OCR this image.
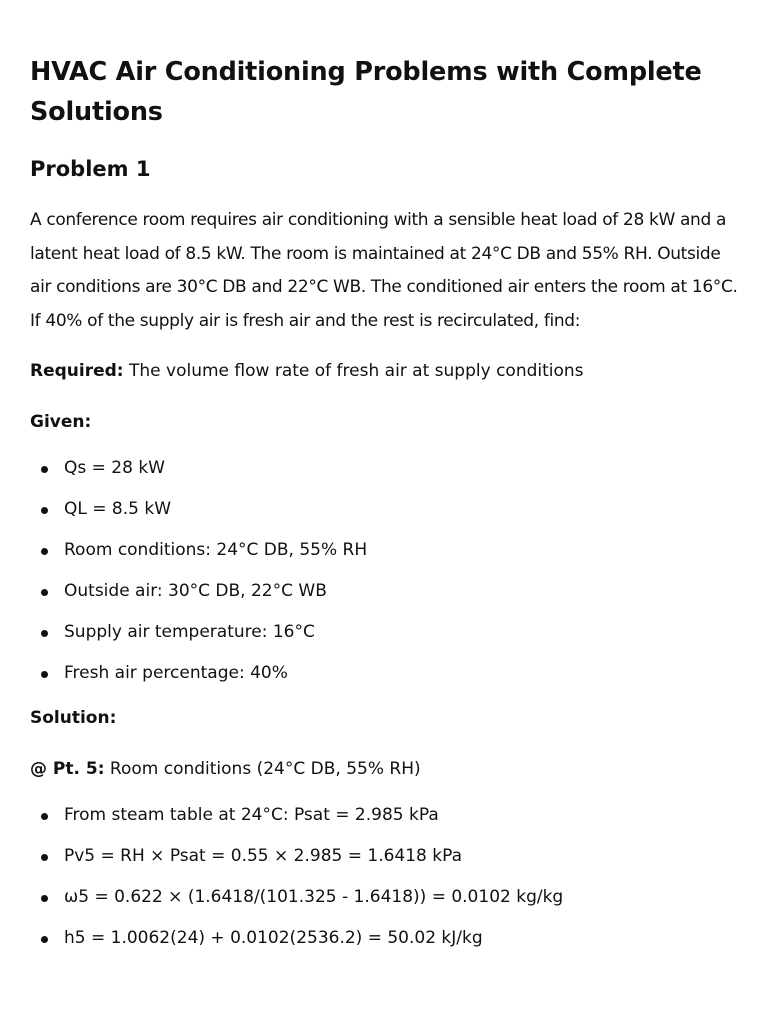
HVAC Air Conditioning Problems with Complete Solutions
Problem 1

A conference room requires air conditioning with a sensible heat load of 28 kW and a latent heat load of 8.5 kW. The room is maintained at 24°C DB and 55% RH. Outside air conditions are 30°C DB and 22°C WB. The conditioned air enters the room at 16°C. If 40% of the supply air is fresh air and the rest is recirculated, find:

Required: The volume flow rate of fresh air at supply conditions

Given:

Qs = 28 kW
QL = 8.5 kW
Room conditions: 24°C DB, 55% RH
Outside air: 30°C DB, 22°C WB
Supply air temperature: 16°C
Fresh air percentage: 40%

Solution:

@ Pt. 5: Room conditions (24°C DB, 55% RH)

From steam table at 24°C: Psat = 2.985 kPa
Pv5 = RH × Psat = 0.55 × 2.985 = 1.6418 kPa
ω5 = 0.622 × (1.6418/(101.325 - 1.6418)) = 0.0102 kg/kg
h5 = 1.0062(24) + 0.0102(2536.2) = 50.02 kJ/kg
